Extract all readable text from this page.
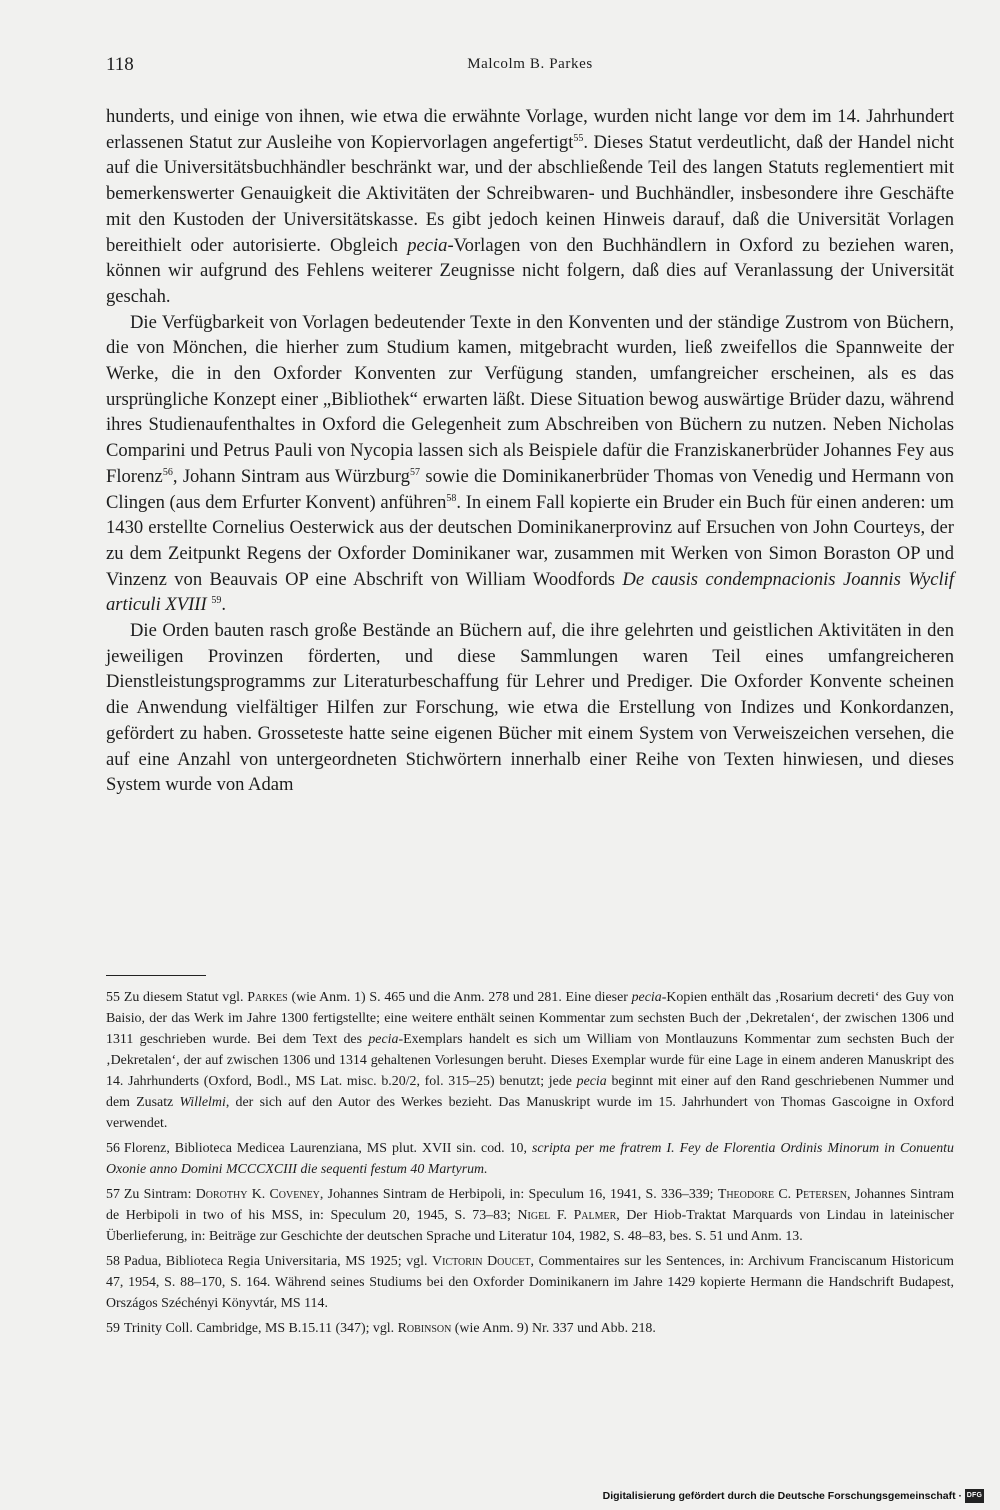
118	Malcolm B. Parkes

hunderts, und einige von ihnen, wie etwa die erwähnte Vorlage, wurden nicht lange vor dem im 14. Jahrhundert erlassenen Statut zur Ausleihe von Kopiervorlagen angefertigt$^{55}$. Dieses Statut verdeutlicht, daß der Handel nicht auf die Universitätsbuchhändler beschränkt war, und der abschließende Teil des langen Statuts reglementiert mit bemerkenswerter Genauigkeit die Aktivitäten der Schreibwaren- und Buchhändler, insbesondere ihre Geschäfte mit den Kustoden der Universitätskasse. Es gibt jedoch keinen Hinweis darauf, daß die Universität Vorlagen bereithielt oder autorisierte. Obgleich pecia-Vorlagen von den Buchhändlern in Oxford zu beziehen waren, können wir aufgrund des Fehlens weiterer Zeugnisse nicht folgern, daß dies auf Veranlassung der Universität geschah.

Die Verfügbarkeit von Vorlagen bedeutender Texte in den Konventen und der ständige Zustrom von Büchern, die von Mönchen, die hierher zum Studium kamen, mitgebracht wurden, ließ zweifellos die Spannweite der Werke, die in den Oxforder Konventen zur Verfügung standen, umfangreicher erscheinen, als es das ursprüngliche Konzept einer „Bibliothek“ erwarten läßt. Diese Situation bewog auswärtige Brüder dazu, während ihres Studienaufenthaltes in Oxford die Gelegenheit zum Abschreiben von Büchern zu nutzen. Neben Nicholas Comparini und Petrus Pauli von Nycopia lassen sich als Beispiele dafür die Franziskanerbrüder Johannes Fey aus Florenz$^{56}$, Johann Sintram aus Würzburg$^{57}$ sowie die Dominikanerbrüder Thomas von Venedig und Hermann von Clingen (aus dem Erfurter Konvent) anführen$^{58}$. In einem Fall kopierte ein Bruder ein Buch für einen anderen: um 1430 erstellte Cornelius Oesterwick aus der deutschen Dominikanerprovinz auf Ersuchen von John Courteys, der zu dem Zeitpunkt Regens der Oxforder Dominikaner war, zusammen mit Werken von Simon Boraston OP und Vinzenz von Beauvais OP eine Abschrift von William Woodfords De causis condempnacionis Joannis Wyclif articuli XVIII $^{59}$.

Die Orden bauten rasch große Bestände an Büchern auf, die ihre gelehrten und geistlichen Aktivitäten in den jeweiligen Provinzen förderten, und diese Sammlungen waren Teil eines umfangreicheren Dienstleistungsprogramms zur Literaturbeschaffung für Lehrer und Prediger. Die Oxforder Konvente scheinen die Anwendung vielfältiger Hilfen zur Forschung, wie etwa die Erstellung von Indizes und Konkordanzen, gefördert zu haben. Grosseteste hatte seine eigenen Bücher mit einem System von Verweiszeichen versehen, die auf eine Anzahl von untergeordneten Stichwörtern innerhalb einer Reihe von Texten hinwiesen, und dieses System wurde von Adam

55 Zu diesem Statut vgl. Parkes (wie Anm. 1) S. 465 und die Anm. 278 und 281. Eine dieser pecia-Kopien enthält das ‚Rosarium decreti‘ des Guy von Baisio, der das Werk im Jahre 1300 fertigstellte; eine weitere enthält seinen Kommentar zum sechsten Buch der ‚Dekretalen‘, der zwischen 1306 und 1311 geschrieben wurde. Bei dem Text des pecia-Exemplars handelt es sich um William von Montlauzuns Kommentar zum sechsten Buch der ‚Dekretalen‘, der auf zwischen 1306 und 1314 gehaltenen Vorlesungen beruht. Dieses Exemplar wurde für eine Lage in einem anderen Manuskript des 14. Jahrhunderts (Oxford, Bodl., MS Lat. misc. b.20/2, fol. 315–25) benutzt; jede pecia beginnt mit einer auf den Rand geschriebenen Nummer und dem Zusatz Willelmi, der sich auf den Autor des Werkes bezieht. Das Manuskript wurde im 15. Jahrhundert von Thomas Gascoigne in Oxford verwendet.

56 Florenz, Biblioteca Medicea Laurenziana, MS plut. XVII sin. cod. 10, scripta per me fratrem I. Fey de Florentia Ordinis Minorum in Conuentu Oxonie anno Domini MCCCXCIII die sequenti festum 40 Martyrum.

57 Zu Sintram: Dorothy K. Coveney, Johannes Sintram de Herbipoli, in: Speculum 16, 1941, S. 336–339; Theodore C. Petersen, Johannes Sintram de Herbipoli in two of his MSS, in: Speculum 20, 1945, S. 73–83; Nigel F. Palmer, Der Hiob-Traktat Marquards von Lindau in lateinischer Überlieferung, in: Beiträge zur Geschichte der deutschen Sprache und Literatur 104, 1982, S. 48–83, bes. S. 51 und Anm. 13.

58 Padua, Biblioteca Regia Universitaria, MS 1925; vgl. Victorin Doucet, Commentaires sur les Sentences, in: Archivum Franciscanum Historicum 47, 1954, S. 88–170, S. 164. Während seines Studiums bei den Oxforder Dominikanern im Jahre 1429 kopierte Hermann die Handschrift Budapest, Országos Széchényi Könyvtár, MS 114.

59 Trinity Coll. Cambridge, MS B.15.11 (347); vgl. Robinson (wie Anm. 9) Nr. 337 und Abb. 218.

Digitalisierung gefördert durch die Deutsche Forschungsgemeinschaft · DFG
